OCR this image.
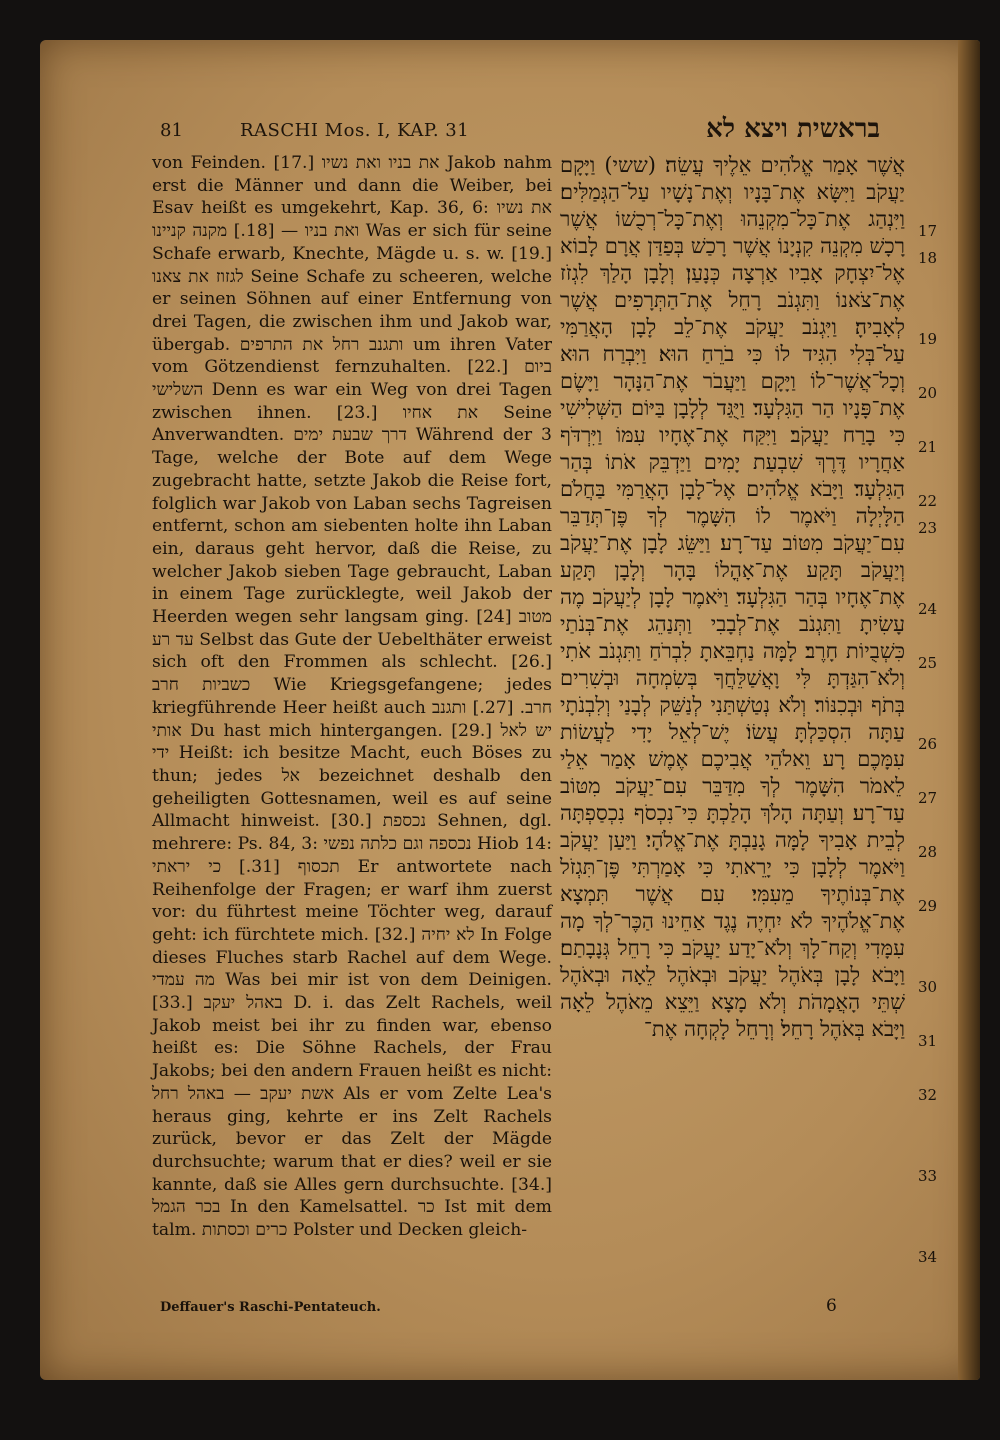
81	RASCHI Mos. I, KAP. 31	בראשית ויצא לא

von Feinden. [17.] את בניו ואת נשיו Jakob nahm erst die Männer und dann die Weiber, bei Esav heißt es umgekehrt, Kap. 36, 6: את נשיו ואת בניו — [18.] מקנה קניינו Was er sich für seine Schafe erwarb, Knechte, Mägde u. s. w. [19.] לגזוז את צאנו Seine Schafe zu scheeren, welche er seinen Söhnen auf einer Entfernung von drei Tagen, die zwischen ihm und Jakob war, übergab. ותגנב רחל את התרפים um ihren Vater vom Götzendienst fernzuhalten. [22.] ביום השלישי Denn es war ein Weg von drei Tagen zwischen ihnen. [23.] את אחיו Seine Anverwandten. דרך שבעת ימים Während der 3 Tage, welche der Bote auf dem Wege zugebracht hatte, setzte Jakob die Reise fort, folglich war Jakob von Laban sechs Tagreisen entfernt, schon am siebenten holte ihn Laban ein, daraus geht hervor, daß die Reise, zu welcher Jakob sieben Tage gebraucht, Laban in einem Tage zurücklegte, weil Jakob der Heerden wegen sehr langsam ging. [24] מטוב עד רע Selbst das Gute der Uebelthäter erweist sich oft den Frommen als schlecht. [26.] כשביות חרב Wie Kriegsgefangene; jedes kriegführende Heer heißt auch חרב. [27.] ותגנב אותי Du hast mich hintergangen. [29.] יש לאל ידי Heißt: ich besitze Macht, euch Böses zu thun; jedes אל bezeichnet deshalb den geheiligten Gottesnamen, weil es auf seine Allmacht hinweist. [30.] נכספת Sehnen, dgl. mehrere: Ps. 84, 3: נכספה וגם כלתה נפשי Hiob 14: תכסוף [31.] כי יראתי Er antwortete nach Reihenfolge der Fragen; er warf ihm zuerst vor: du führtest meine Töchter weg, darauf geht: ich fürchtete mich. [32.] לא יחיה In Folge dieses Fluches starb Rachel auf dem Wege. מה עמדי Was bei mir ist von dem Deinigen. [33.] באהל יעקב D. i. das Zelt Rachels, weil Jakob meist bei ihr zu finden war, ebenso heißt es: Die Söhne Rachels, der Frau Jakobs; bei den andern Frauen heißt es nicht: אשת יעקב — באהל רחל Als er vom Zelte Lea's heraus ging, kehrte er ins Zelt Rachels zurück, bevor er das Zelt der Mägde durchsuchte; warum that er dies? weil er sie kannte, daß sie Alles gern durchsuchte. [34.] בכר הגמל In den Kamelsattel. כר Ist mit dem talm. כרים וכסתות Polster und Decken gleich-

אֲשֶׁר אָמַר אֱלֹהִים אֵלֶיךָ עֲשֵׂה׃ (ששי) וַיָּקָם יַעֲקֹב וַיִּשָּׂא אֶת־בָּנָיו וְאֶת־נָשָׁיו עַל־הַגְּמַלִּים׃ וַיִּנְהַג אֶת־כָּל־מִקְנֵהוּ וְאֶת־כָּל־רְכֻשׁוֹ אֲשֶׁר רָכָשׁ מִקְנֵה קִנְיָנוֹ אֲשֶׁר רָכַשׁ בְּפַדַּן אֲרָם לָבוֹא אֶל־יִצְחָק אָבִיו אַרְצָה כְּנָעַן׃ וְלָבָן הָלַךְ לִגְזֹז אֶת־צֹאנוֹ וַתִּגְנֹב רָחֵל אֶת־הַתְּרָפִים אֲשֶׁר לְאָבִיהָ׃ וַיִּגְנֹב יַעֲקֹב אֶת־לֵב לָבָן הָאֲרַמִּי עַל־בְּלִי הִגִּיד לוֹ כִּי בֹרֵחַ הוּא׃ וַיִּבְרַח הוּא וְכָל־אֲשֶׁר־לוֹ וַיָּקָם וַיַּעֲבֹר אֶת־הַנָּהָר וַיָּשֶׂם אֶת־פָּנָיו הַר הַגִּלְעָד׃ וַיֻּגַּד לְלָבָן בַּיּוֹם הַשְּׁלִישִׁי כִּי בָרַח יַעֲקֹב׃ וַיִּקַּח אֶת־אֶחָיו עִמּוֹ וַיִּרְדֹּף אַחֲרָיו דֶּרֶךְ שִׁבְעַת יָמִים וַיַּדְבֵּק אֹתוֹ בְּהַר הַגִּלְעָד׃ וַיָּבֹא אֱלֹהִים אֶל־לָבָן הָאֲרַמִּי בַּחֲלֹם הַלָּיְלָה וַיֹּאמֶר לוֹ הִשָּׁמֶר לְךָ פֶּן־תְּדַבֵּר עִם־יַעֲקֹב מִטּוֹב עַד־רָע׃ וַיַּשֵּׂג לָבָן אֶת־יַעֲקֹב וְיַעֲקֹב תָּקַע אֶת־אָהֳלוֹ בָּהָר וְלָבָן תָּקַע אֶת־אֶחָיו בְּהַר הַגִּלְעָד׃ וַיֹּאמֶר לָבָן לְיַעֲקֹב מֶה עָשִׂיתָ וַתִּגְנֹב אֶת־לְבָבִי וַתְּנַהֵג אֶת־בְּנֹתַי כִּשְׁבֻיוֹת חָרֶב׃ לָמָּה נַחְבֵּאתָ לִבְרֹחַ וַתִּגְנֹב אֹתִי וְלֹא־הִגַּדְתָּ לִּי וָאֲשַׁלֵּחֲךָ בְּשִׂמְחָה וּבְשִׁרִים בְּתֹף וּבְכִנּוֹר׃ וְלֹא נְטַשְׁתַּנִי לְנַשֵּׁק לְבָנַי וְלִבְנֹתָי עַתָּה הִסְכַּלְתָּ עֲשׂוֹ׃ יֶשׁ־לְאֵל יָדִי לַעֲשׂוֹת עִמָּכֶם רָע וֵאלֹהֵי אֲבִיכֶם אֶמֶשׁ אָמַר אֵלַי לֵאמֹר הִשָּׁמֶר לְךָ מִדַּבֵּר עִם־יַעֲקֹב מִטּוֹב עַד־רָע׃ וְעַתָּה הָלֹךְ הָלַכְתָּ כִּי־נִכְסֹף נִכְסַפְתָּה לְבֵית אָבִיךָ לָמָּה גָנַבְתָּ אֶת־אֱלֹהָי׃ וַיַּעַן יַעֲקֹב וַיֹּאמֶר לְלָבָן כִּי יָרֵאתִי כִּי אָמַרְתִּי פֶּן־תִּגְזֹל אֶת־בְּנוֹתֶיךָ מֵעִמִּי׃ עִם אֲשֶׁר תִּמְצָא אֶת־אֱלֹהֶיךָ לֹא יִחְיֶה נֶגֶד אַחֵינוּ הַכֶּר־לְךָ מָה עִמָּדִי וְקַח־לָךְ וְלֹא־יָדַע יַעֲקֹב כִּי רָחֵל גְּנָבָתַם׃ וַיָּבֹא לָבָן בְּאֹהֶל יַעֲקֹב וּבְאֹהֶל לֵאָה וּבְאֹהֶל שְׁתֵּי הָאֲמָהֹת וְלֹא מָצָא וַיֵּצֵא מֵאֹהֶל לֵאָה וַיָּבֹא בְּאֹהֶל רָחֵל׃ וְרָחֵל לָקְחָה אֶת־

17
18
19
20
21
22
23
24
25
26
27
28
29
30
31
32
33
34
Deffauer's Raschi-Pentateuch.	6
